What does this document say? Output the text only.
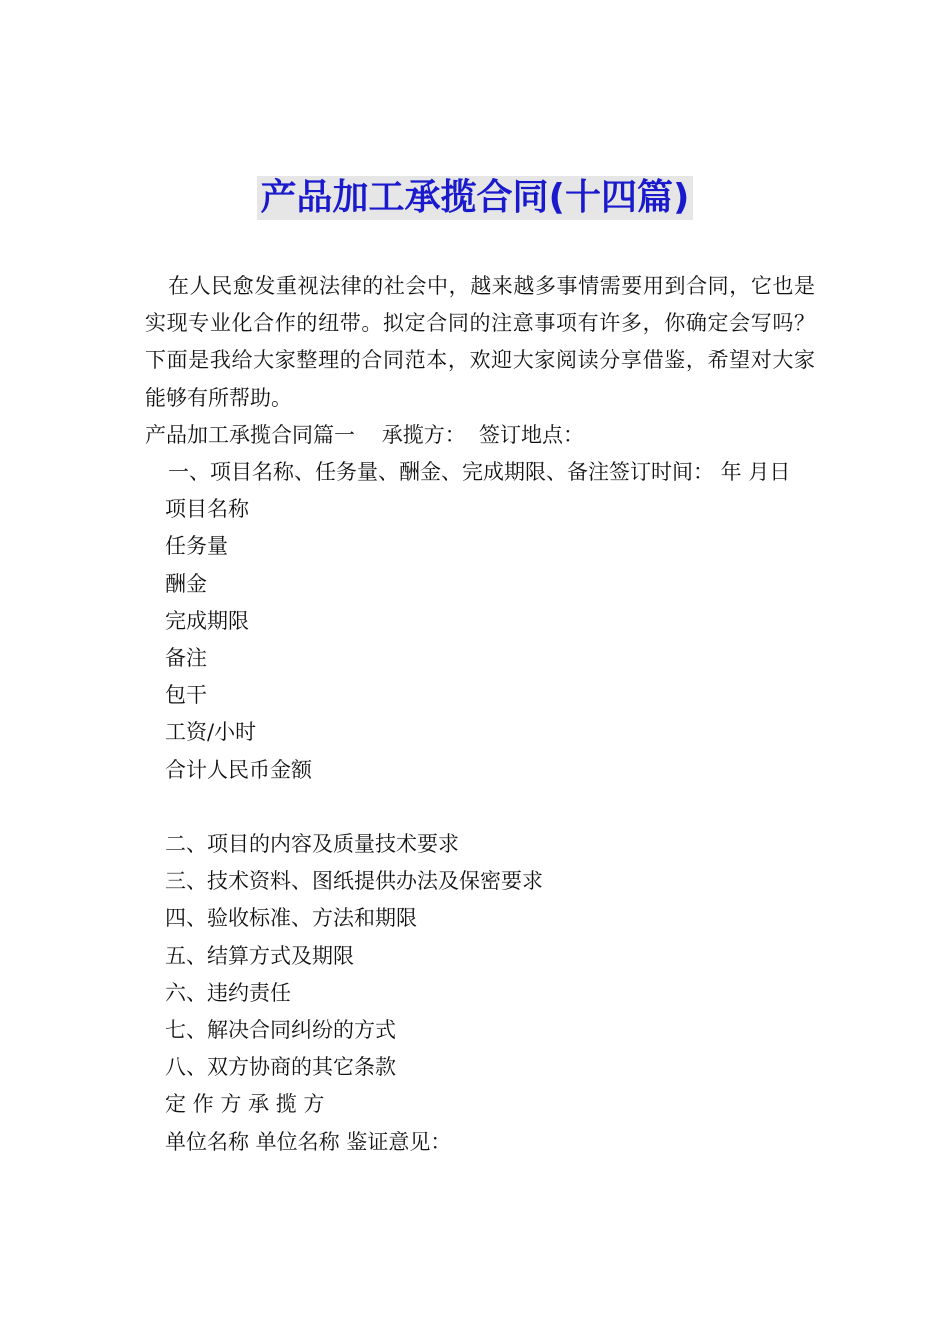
产品加工承揽合同(十四篇)

在人民愈发重视法律的社会中，越来越多事情需要用到合同，它也是实现专业化合作的纽带。拟定合同的注意事项有许多，你确定会写吗？下面是我给大家整理的合同范本，欢迎大家阅读分享借鉴，希望对大家能够有所帮助。

产品加工承揽合同篇一    承揽方：  签订地点：

一、项目名称、任务量、酬金、完成期限、备注签订时间： 年 月日

项目名称

任务量

酬金

完成期限

备注

包干

工资/小时

合计人民币金额

二、项目的内容及质量技术要求

三、技术资料、图纸提供办法及保密要求

四、验收标准、方法和期限

五、结算方式及期限

六、违约责任

七、解决合同纠纷的方式

八、双方协商的其它条款

定 作 方 承 揽 方

单位名称 单位名称 鉴证意见：
